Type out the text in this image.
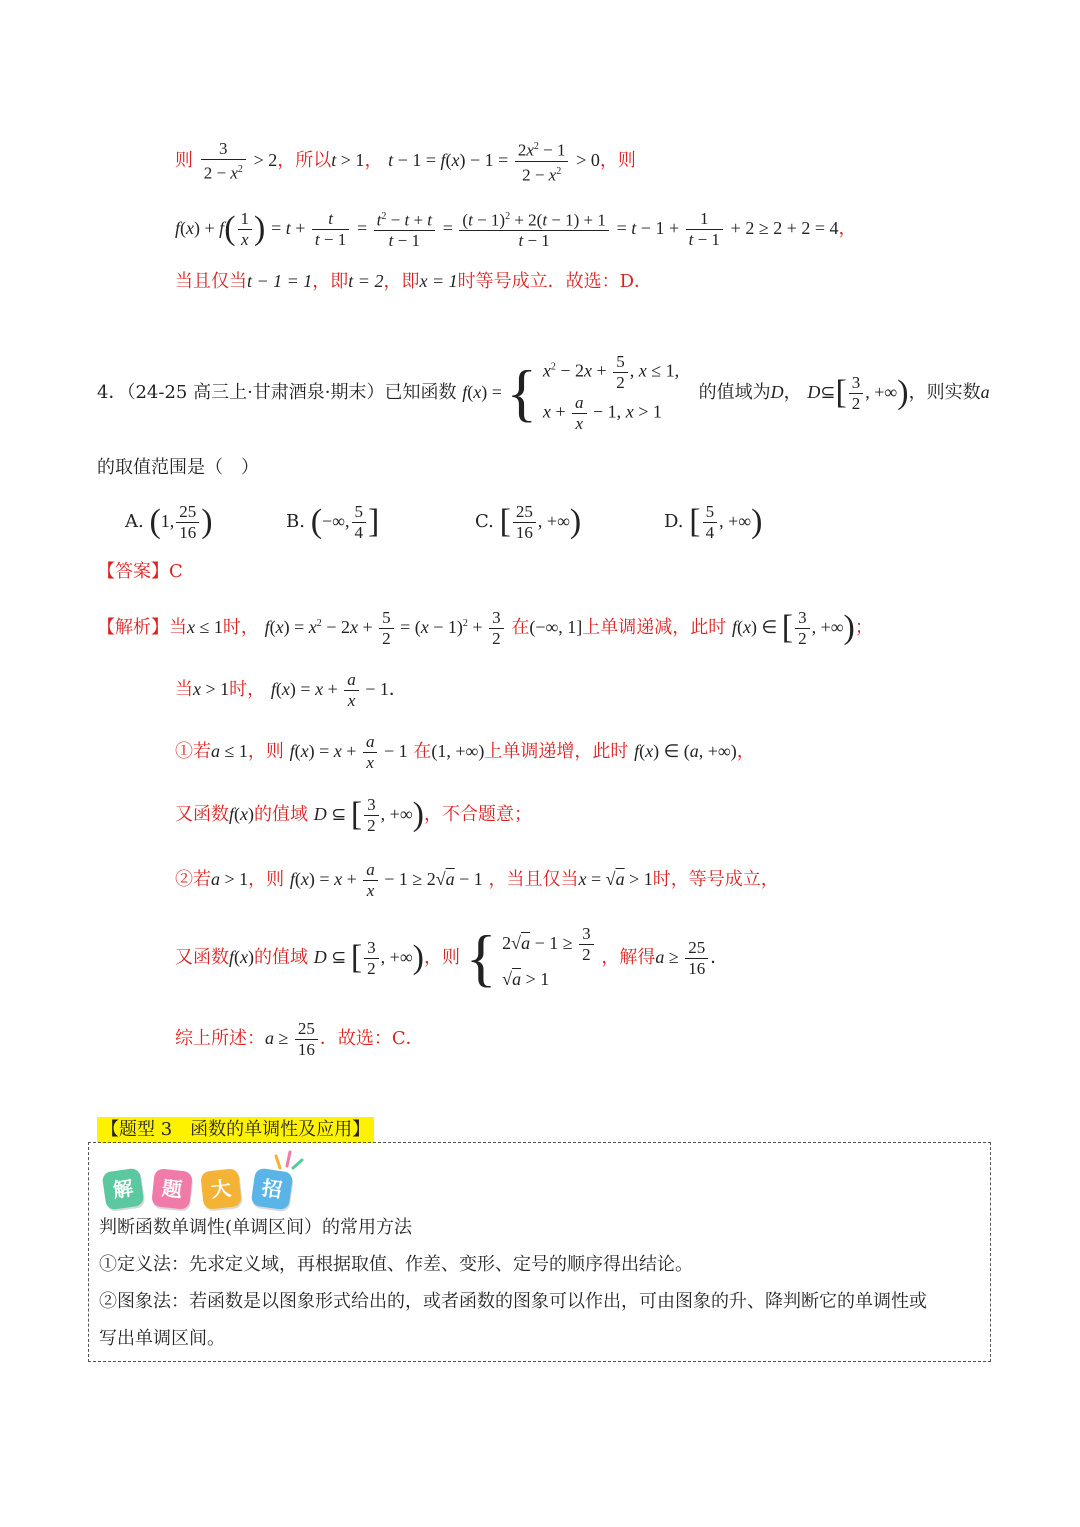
则 $\frac{3}{2 - x^2} > 2$，所以t > 1， $t - 1 = f(x) - 1 = \frac{2x^2 - 1}{2 - x^2} > 0$，则
$f(x) + f( \frac{1}{x}$ ) = $t + \frac{t}{t - 1} = \frac{t^2 - t + t}{t - 1} = \frac{(t - 1)^2 + 2(t - 1) + 1}{t - 1} = t - 1 + \frac{1}{t - 1} + 2 \ge 2 + 2 = 4$，
当且仅当t − 1 = 1，即t = 2，即x = 1时等号成立．故选：D．
4．（24-25 高三上·甘肃酒泉·期末）已知函数 f(x) = { $x^2 - 2x + \frac{5}{2}$ , x ≤ 1,
$x + \frac{a}{x} - 1$, x > 1
的值域为D， D⊆[ $\frac{3}{2}$ , +∞)，则实数a
的取值范围是（　）
A. (1, $\frac{25}{16}$ )	B. (−∞, $\frac{5}{4}$ ]	C. [ $\frac{25}{16}$ , +∞)	D. [ $\frac{5}{4}$ , +∞)
【答案】C
【解析】当x ≤ 1时， $f(x) = x^2 - 2x + \frac{5}{2} = (x - 1)^2 + \frac{3}{2}$ 在(−∞, 1]上单调递减，此时 f(x) ∈ [ $\frac{3}{2}$ , +∞)；
当x > 1时， $f(x) = x + \frac{a}{x} - 1$．
①若a ≤ 1，则 $f(x) = x + \frac{a}{x} - 1$ 在(1, +∞)上单调递增，此时 f(x) ∈ (a, +∞)，
又函数f(x)的值域 D ⊆ [ $\frac{3}{2}$ , +∞)，不合题意；
②若a > 1，则 $f(x) = x + \frac{a}{x} - 1 \ge 2√a - 1$ ，当且仅当x = √a > 1时，等号成立，
又函数f(x)的值域 D ⊆ [ $\frac{3}{2}$ , +∞)，则 { $2√a - 1 \ge \frac{3}{2}$
√a > 1
，解得$a \ge \frac{25}{16}$ ．
综上所述：$a \ge \frac{25}{16}$ ．故选：C．
【题型 3　函数的单调性及应用】
解	题	大	招
判断函数单调性(单调区间）的常用方法
①定义法：先求定义域，再根据取值、作差、变形、定号的顺序得出结论。
②图象法：若函数是以图象形式给出的，或者函数的图象可以作出，可由图象的升、降判断它的单调性或
写出单调区间。
